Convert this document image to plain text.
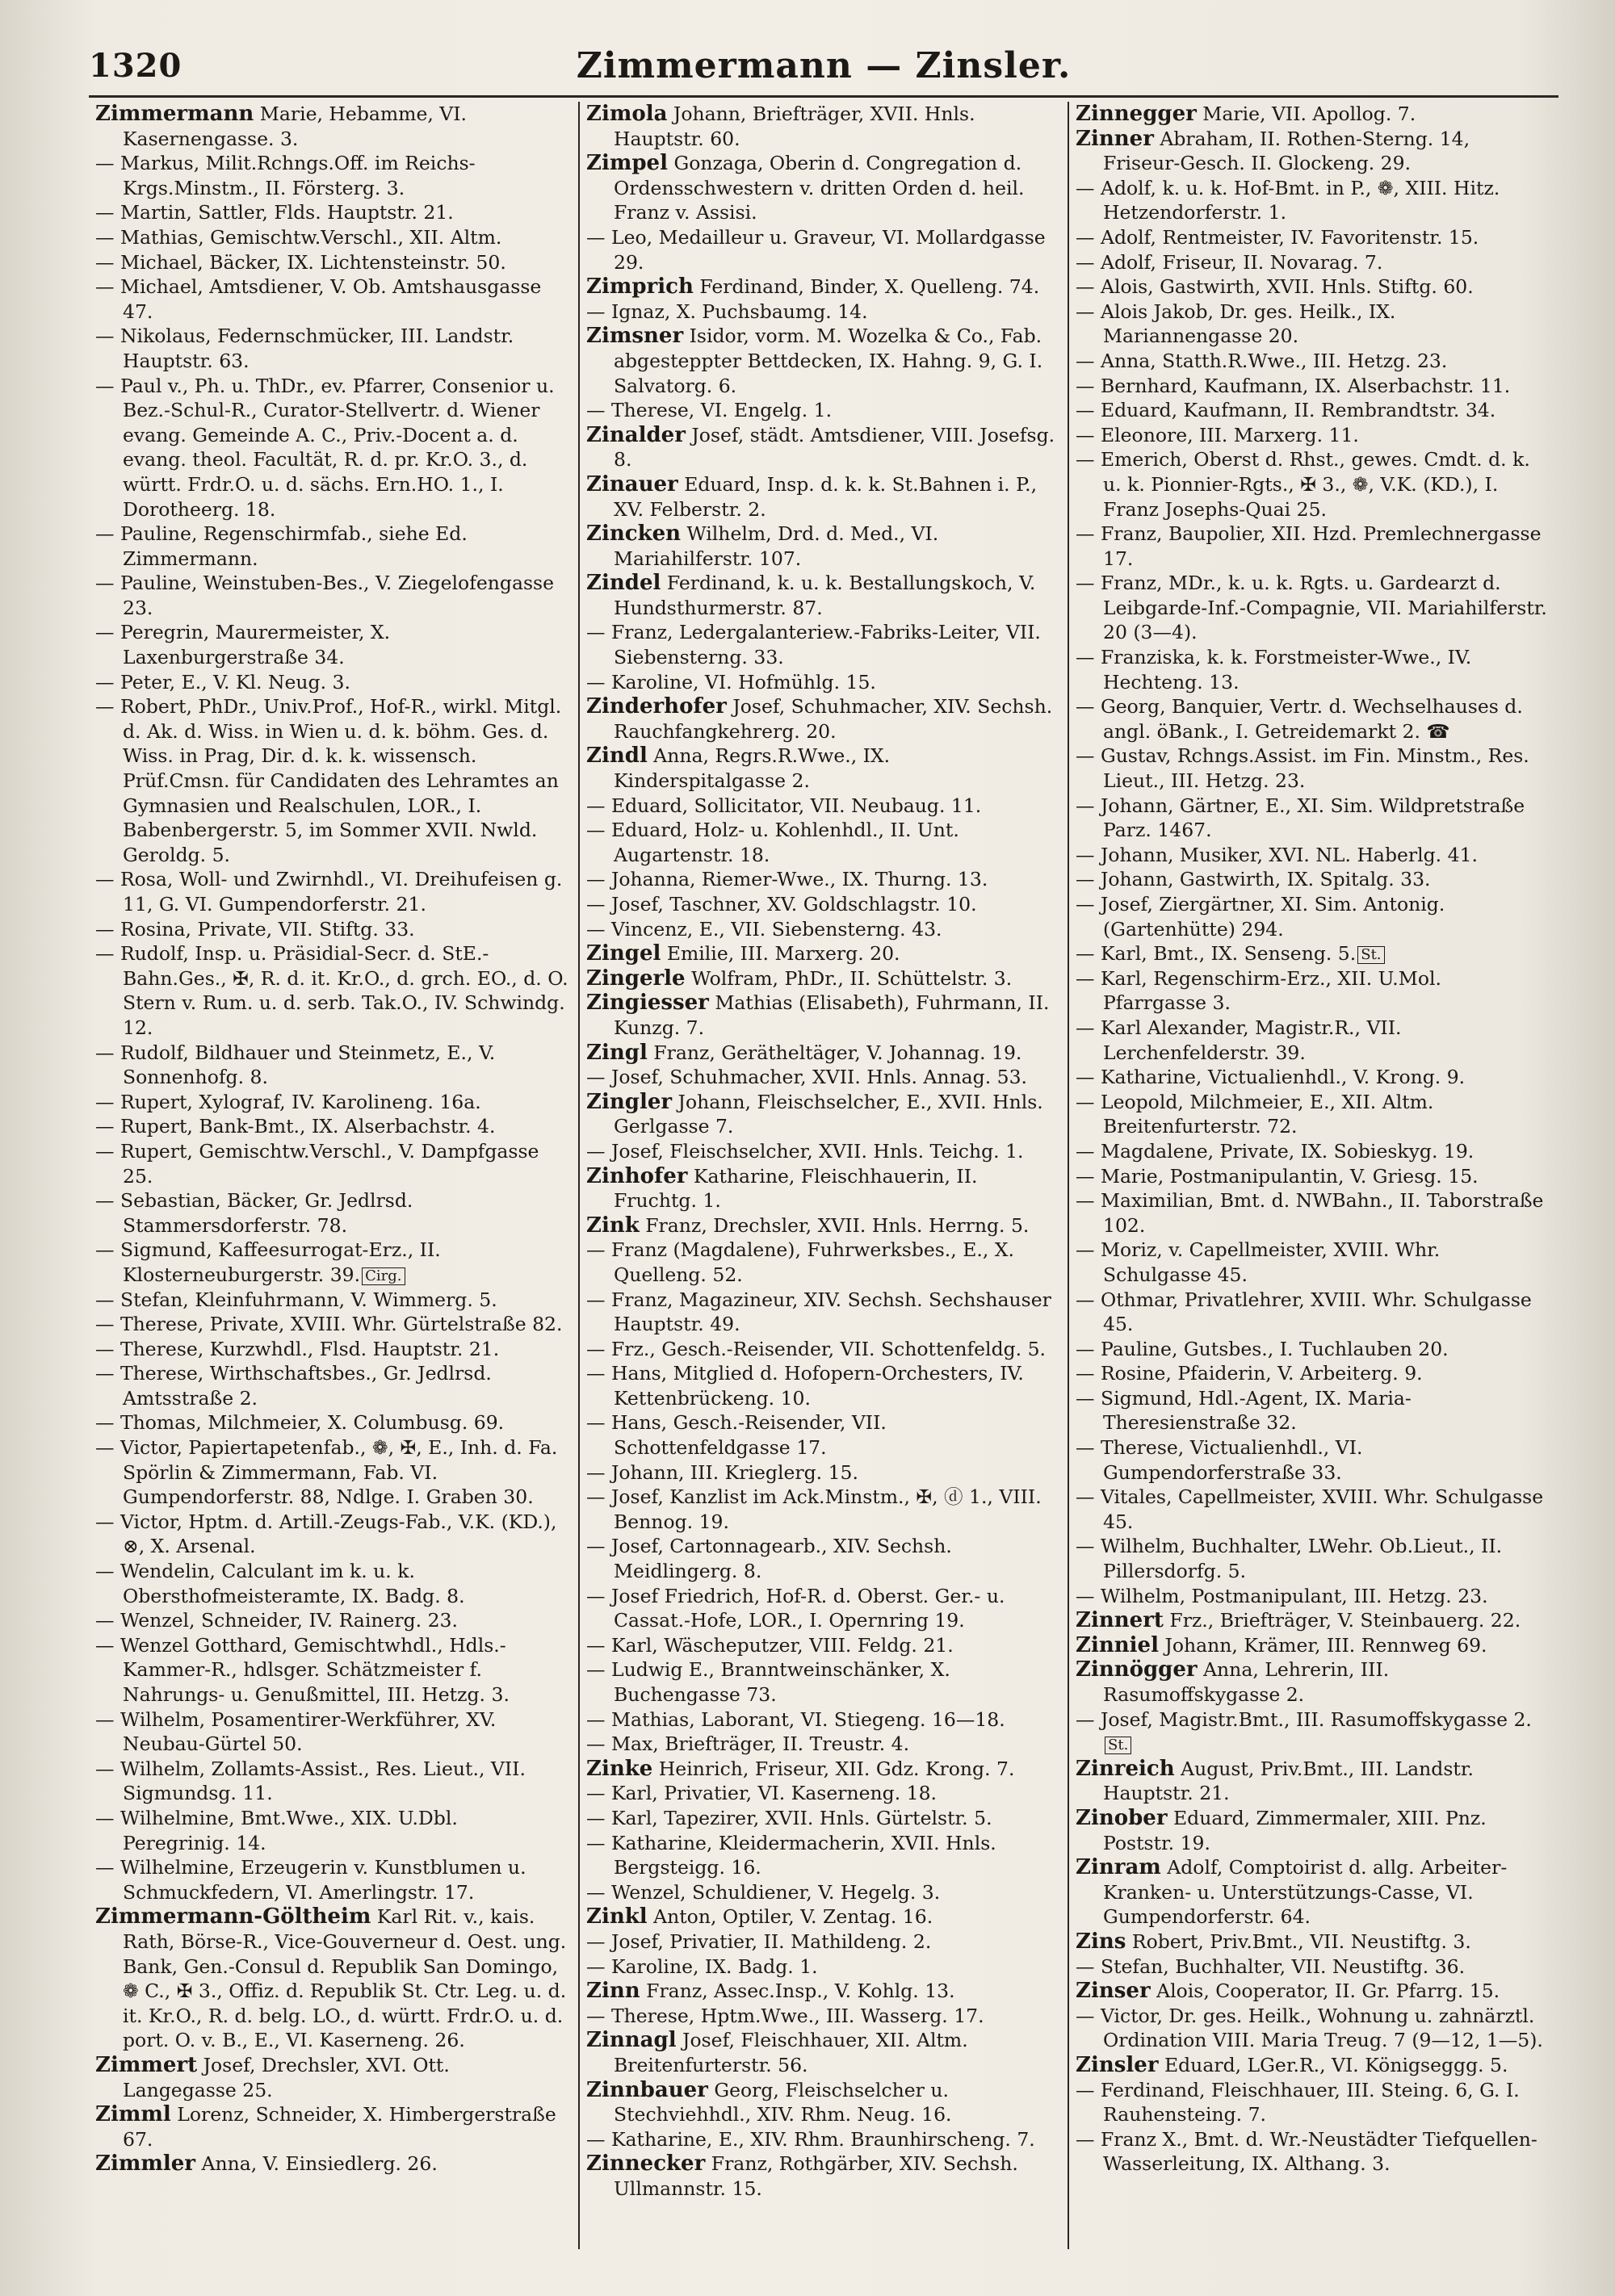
1320	Zimmermann — Zinsler.
Zimmermann Marie, Hebamme, VI. Kasernengasse. 3.
— Markus, Milit.Rchngs.Off. im Reichs-Krgs.Minstm., II. Försterg. 3.
— Martin, Sattler, Flds. Hauptstr. 21.
— Mathias, Gemischtw.Verschl., XII. Altm.
— Michael, Bäcker, IX. Lichtensteinstr. 50.
— Michael, Amtsdiener, V. Ob. Amtshausgasse 47.
— Nikolaus, Federnschmücker, III. Landstr. Hauptstr. 63.
— Paul v., Ph. u. ThDr., ev. Pfarrer, Consenior u. Bez.-Schul-R., Curator-Stellvertr. d. Wiener evang. Gemeinde A. C., Priv.-Docent a. d. evang. theol. Facultät, R. d. pr. Kr.O. 3., d. württ. Frdr.O. u. d. sächs. Ern.HO. 1., I. Dorotheerg. 18.
— Pauline, Regenschirmfab., siehe Ed. Zimmermann.
— Pauline, Weinstuben-Bes., V. Ziegelofengasse 23.
— Peregrin, Maurermeister, X. Laxenburgerstraße 34.
— Peter, E., V. Kl. Neug. 3.
— Robert, PhDr., Univ.Prof., Hof-R., wirkl. Mitgl. d. Ak. d. Wiss. in Wien u. d. k. böhm. Ges. d. Wiss. in Prag, Dir. d. k. k. wissensch. Prüf.Cmsn. für Candidaten des Lehramtes an Gymnasien und Realschulen, LOR., I. Babenbergerstr. 5, im Sommer XVII. Nwld. Geroldg. 5.
— Rosa, Woll- und Zwirnhdl., VI. Dreihufeisen g. 11, G. VI. Gumpendorferstr. 21.
— Rosina, Private, VII. Stiftg. 33.
— Rudolf, Insp. u. Präsidial-Secr. d. StE.-Bahn.Ges., ✠, R. d. it. Kr.O., d. grch. EO., d. O. Stern v. Rum. u. d. serb. Tak.O., IV. Schwindg. 12.
— Rudolf, Bildhauer und Steinmetz, E., V. Sonnenhofg. 8.
— Rupert, Xylograf, IV. Karolineng. 16a.
— Rupert, Bank-Bmt., IX. Alserbachstr. 4.
— Rupert, Gemischtw.Verschl., V. Dampfgasse 25.
— Sebastian, Bäcker, Gr. Jedlrsd. Stammersdorferstr. 78.
— Sigmund, Kaffeesurrogat-Erz., II. Klosterneuburgerstr. 39. Cirg.
— Stefan, Kleinfuhrmann, V. Wimmerg. 5.
— Therese, Private, XVIII. Whr. Gürtelstraße 82.
— Therese, Kurzwhdl., Flsd. Hauptstr. 21.
— Therese, Wirthschaftsbes., Gr. Jedlrsd. Amtsstraße 2.
— Thomas, Milchmeier, X. Columbusg. 69.
— Victor, Papiertapetenfab., ❁, ✠, E., Inh. d. Fa. Spörlin & Zimmermann, Fab. VI. Gumpendorferstr. 88, Ndlge. I. Graben 30.
— Victor, Hptm. d. Artill.-Zeugs-Fab., V.K. (KD.), ⊗, X. Arsenal.
— Wendelin, Calculant im k. u. k. Obersthofmeisteramte, IX. Badg. 8.
— Wenzel, Schneider, IV. Rainerg. 23.
— Wenzel Gotthard, Gemischtwhdl., Hdls.-Kammer-R., hdlsger. Schätzmeister f. Nahrungs- u. Genußmittel, III. Hetzg. 3.
— Wilhelm, Posamentirer-Werkführer, XV. Neubau-Gürtel 50.
— Wilhelm, Zollamts-Assist., Res. Lieut., VII. Sigmundsg. 11.
— Wilhelmine, Bmt.Wwe., XIX. U.Dbl. Peregrinig. 14.
— Wilhelmine, Erzeugerin v. Kunstblumen u. Schmuckfedern, VI. Amerlingstr. 17.
Zimmermann-Göltheim Karl Rit. v., kais. Rath, Börse-R., Vice-Gouverneur d. Oest. ung. Bank, Gen.-Consul d. Republik San Domingo, ❁ C., ✠ 3., Offiz. d. Republik St. Ctr. Leg. u. d. it. Kr.O., R. d. belg. LO., d. württ. Frdr.O. u. d. port. O. v. B., E., VI. Kaserneng. 26.
Zimmert Josef, Drechsler, XVI. Ott. Langegasse 25.
Zimml Lorenz, Schneider, X. Himbergerstraße 67.
Zimmler Anna, V. Einsiedlerg. 26.
Zimola Johann, Briefträger, XVII. Hnls. Hauptstr. 60.
Zimpel Gonzaga, Oberin d. Congregation d. Ordensschwestern v. dritten Orden d. heil. Franz v. Assisi.
— Leo, Medailleur u. Graveur, VI. Mollardgasse 29.
Zimprich Ferdinand, Binder, X. Quelleng. 74.
— Ignaz, X. Puchsbaumg. 14.
Zimsner Isidor, vorm. M. Wozelka & Co., Fab. abgesteppter Bettdecken, IX. Hahng. 9, G. I. Salvatorg. 6.
— Therese, VI. Engelg. 1.
Zinalder Josef, städt. Amtsdiener, VIII. Josefsg. 8.
Zinauer Eduard, Insp. d. k. k. St.Bahnen i. P., XV. Felberstr. 2.
Zincken Wilhelm, Drd. d. Med., VI. Mariahilferstr. 107.
Zindel Ferdinand, k. u. k. Bestallungskoch, V. Hundsthurmerstr. 87.
— Franz, Ledergalanteriew.-Fabriks-Leiter, VII. Siebensterng. 33.
— Karoline, VI. Hofmühlg. 15.
Zinderhofer Josef, Schuhmacher, XIV. Sechsh. Rauchfangkehrerg. 20.
Zindl Anna, Regrs.R.Wwe., IX. Kinderspitalgasse 2.
— Eduard, Sollicitator, VII. Neubaug. 11.
— Eduard, Holz- u. Kohlenhdl., II. Unt. Augartenstr. 18.
— Johanna, Riemer-Wwe., IX. Thurng. 13.
— Josef, Taschner, XV. Goldschlagstr. 10.
— Vincenz, E., VII. Siebensterng. 43.
Zingel Emilie, III. Marxerg. 20.
Zingerle Wolfram, PhDr., II. Schüttelstr. 3.
Zingiesser Mathias (Elisabeth), Fuhrmann, II. Kunzg. 7.
Zingl Franz, Gerätheltäger, V. Johannag. 19.
— Josef, Schuhmacher, XVII. Hnls. Annag. 53.
Zingler Johann, Fleischselcher, E., XVII. Hnls. Gerlgasse 7.
— Josef, Fleischselcher, XVII. Hnls. Teichg. 1.
Zinhofer Katharine, Fleischhauerin, II. Fruchtg. 1.
Zink Franz, Drechsler, XVII. Hnls. Herrng. 5.
— Franz (Magdalene), Fuhrwerksbes., E., X. Quelleng. 52.
— Franz, Magazineur, XIV. Sechsh. Sechshauser Hauptstr. 49.
— Frz., Gesch.-Reisender, VII. Schottenfeldg. 5.
— Hans, Mitglied d. Hofopern-Orchesters, IV. Kettenbrückeng. 10.
— Hans, Gesch.-Reisender, VII. Schottenfeldgasse 17.
— Johann, III. Krieglerg. 15.
— Josef, Kanzlist im Ack.Minstm., ✠, ⓓ 1., VIII. Bennog. 19.
— Josef, Cartonnagearb., XIV. Sechsh. Meidlingerg. 8.
— Josef Friedrich, Hof-R. d. Oberst. Ger.- u. Cassat.-Hofe, LOR., I. Opernring 19.
— Karl, Wäscheputzer, VIII. Feldg. 21.
— Ludwig E., Branntweinschänker, X. Buchengasse 73.
— Mathias, Laborant, VI. Stiegeng. 16—18.
— Max, Briefträger, II. Treustr. 4.
Zinke Heinrich, Friseur, XII. Gdz. Krong. 7.
— Karl, Privatier, VI. Kaserneng. 18.
— Karl, Tapezirer, XVII. Hnls. Gürtelstr. 5.
— Katharine, Kleidermacherin, XVII. Hnls. Bergsteigg. 16.
— Wenzel, Schuldiener, V. Hegelg. 3.
Zinkl Anton, Optiler, V. Zentag. 16.
— Josef, Privatier, II. Mathildeng. 2.
— Karoline, IX. Badg. 1.
Zinn Franz, Assec.Insp., V. Kohlg. 13.
— Therese, Hptm.Wwe., III. Wasserg. 17.
Zinnagl Josef, Fleischhauer, XII. Altm. Breitenfurterstr. 56.
Zinnbauer Georg, Fleischselcher u. Stechviehhdl., XIV. Rhm. Neug. 16.
— Katharine, E., XIV. Rhm. Braunhirscheng. 7.
Zinnecker Franz, Rothgärber, XIV. Sechsh. Ullmannstr. 15.
Zinnegger Marie, VII. Apollog. 7.
Zinner Abraham, II. Rothen-Sterng. 14, Friseur-Gesch. II. Glockeng. 29.
— Adolf, k. u. k. Hof-Bmt. in P., ❁, XIII. Hitz. Hetzendorferstr. 1.
— Adolf, Rentmeister, IV. Favoritenstr. 15.
— Adolf, Friseur, II. Novarag. 7.
— Alois, Gastwirth, XVII. Hnls. Stiftg. 60.
— Alois Jakob, Dr. ges. Heilk., IX. Mariannengasse 20.
— Anna, Statth.R.Wwe., III. Hetzg. 23.
— Bernhard, Kaufmann, IX. Alserbachstr. 11.
— Eduard, Kaufmann, II. Rembrandtstr. 34.
— Eleonore, III. Marxerg. 11.
— Emerich, Oberst d. Rhst., gewes. Cmdt. d. k. u. k. Pionnier-Rgts., ✠ 3., ❁, V.K. (KD.), I. Franz Josephs-Quai 25.
— Franz, Baupolier, XII. Hzd. Premlechnergasse 17.
— Franz, MDr., k. u. k. Rgts. u. Gardearzt d. Leibgarde-Inf.-Compagnie, VII. Mariahilferstr. 20 (3—4).
— Franziska, k. k. Forstmeister-Wwe., IV. Hechteng. 13.
— Georg, Banquier, Vertr. d. Wechselhauses d. angl. öBank., I. Getreidemarkt 2. ☎
— Gustav, Rchngs.Assist. im Fin. Minstm., Res. Lieut., III. Hetzg. 23.
— Johann, Gärtner, E., XI. Sim. Wildpretstraße Parz. 1467.
— Johann, Musiker, XVI. NL. Haberlg. 41.
— Johann, Gastwirth, IX. Spitalg. 33.
— Josef, Ziergärtner, XI. Sim. Antonig. (Gartenhütte) 294.
— Karl, Bmt., IX. Senseng. 5. St.
— Karl, Regenschirm-Erz., XII. U.Mol. Pfarrgasse 3.
— Karl Alexander, Magistr.R., VII. Lerchenfelderstr. 39.
— Katharine, Victualienhdl., V. Krong. 9.
— Leopold, Milchmeier, E., XII. Altm. Breitenfurterstr. 72.
— Magdalene, Private, IX. Sobieskyg. 19.
— Marie, Postmanipulantin, V. Griesg. 15.
— Maximilian, Bmt. d. NWBahn., II. Taborstraße 102.
— Moriz, v. Capellmeister, XVIII. Whr. Schulgasse 45.
— Othmar, Privatlehrer, XVIII. Whr. Schulgasse 45.
— Pauline, Gutsbes., I. Tuchlauben 20.
— Rosine, Pfaiderin, V. Arbeiterg. 9.
— Sigmund, Hdl.-Agent, IX. Maria-Theresienstraße 32.
— Therese, Victualienhdl., VI. Gumpendorferstraße 33.
— Vitales, Capellmeister, XVIII. Whr. Schulgasse 45.
— Wilhelm, Buchhalter, LWehr. Ob.Lieut., II. Pillersdorfg. 5.
— Wilhelm, Postmanipulant, III. Hetzg. 23.
Zinnert Frz., Briefträger, V. Steinbauerg. 22.
Zinniel Johann, Krämer, III. Rennweg 69.
Zinnögger Anna, Lehrerin, III. Rasumoffskygasse 2.
— Josef, Magistr.Bmt., III. Rasumoffskygasse 2.St.
Zinreich August, Priv.Bmt., III. Landstr. Hauptstr. 21.
Zinober Eduard, Zimmermaler, XIII. Pnz. Poststr. 19.
Zinram Adolf, Comptoirist d. allg. Arbeiter-Kranken- u. Unterstützungs-Casse, VI. Gumpendorferstr. 64.
Zins Robert, Priv.Bmt., VII. Neustiftg. 3.
— Stefan, Buchhalter, VII. Neustiftg. 36.
Zinser Alois, Cooperator, II. Gr. Pfarrg. 15.
— Victor, Dr. ges. Heilk., Wohnung u. zahnärztl. Ordination VIII. Maria Treug. 7 (9—12, 1—5).
Zinsler Eduard, LGer.R., VI. Königseggg. 5.
— Ferdinand, Fleischhauer, III. Steing. 6, G. I. Rauhensteing. 7.
— Franz X., Bmt. d. Wr.-Neustädter Tiefquellen-Wasserleitung, IX. Althang. 3.
